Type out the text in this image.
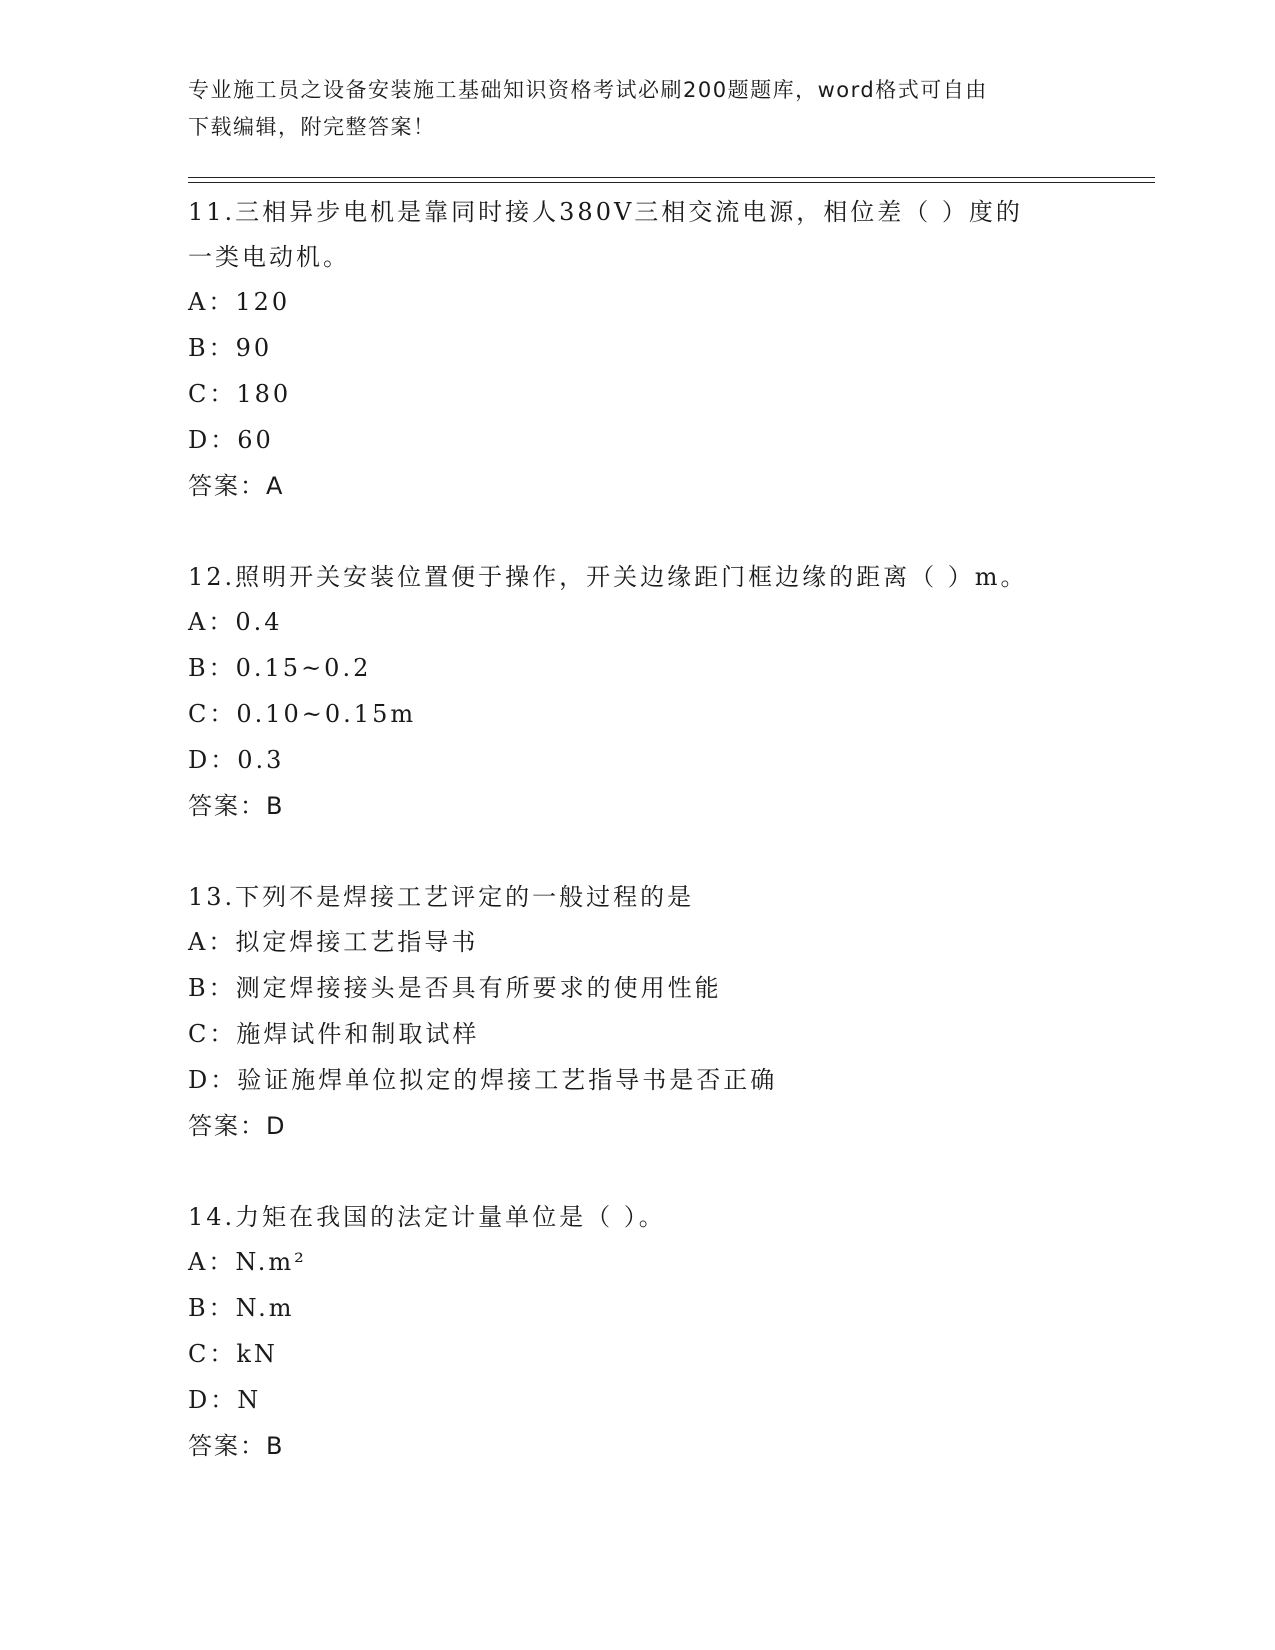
专业施工员之设备安装施工基础知识资格考试必刷200题题库，word格式可自由

下载编辑，附完整答案！

11.三相异步电机是靠同时接人380V三相交流电源，相位差（ ）度的

一类电动机。

A：120

B：90

C：180

D：60

答案：A

12.照明开关安装位置便于操作，开关边缘距门框边缘的距离（ ）m。

A：0.4

B：0.15~0.2

C：0.10~0.15m

D：0.3

答案：B

13.下列不是焊接工艺评定的一般过程的是

A：拟定焊接工艺指导书

B：测定焊接接头是否具有所要求的使用性能

C：施焊试件和制取试样

D：验证施焊单位拟定的焊接工艺指导书是否正确

答案：D

14.力矩在我国的法定计量单位是（ ）。

A：N.m²

B：N.m

C：kN

D：N

答案：B
